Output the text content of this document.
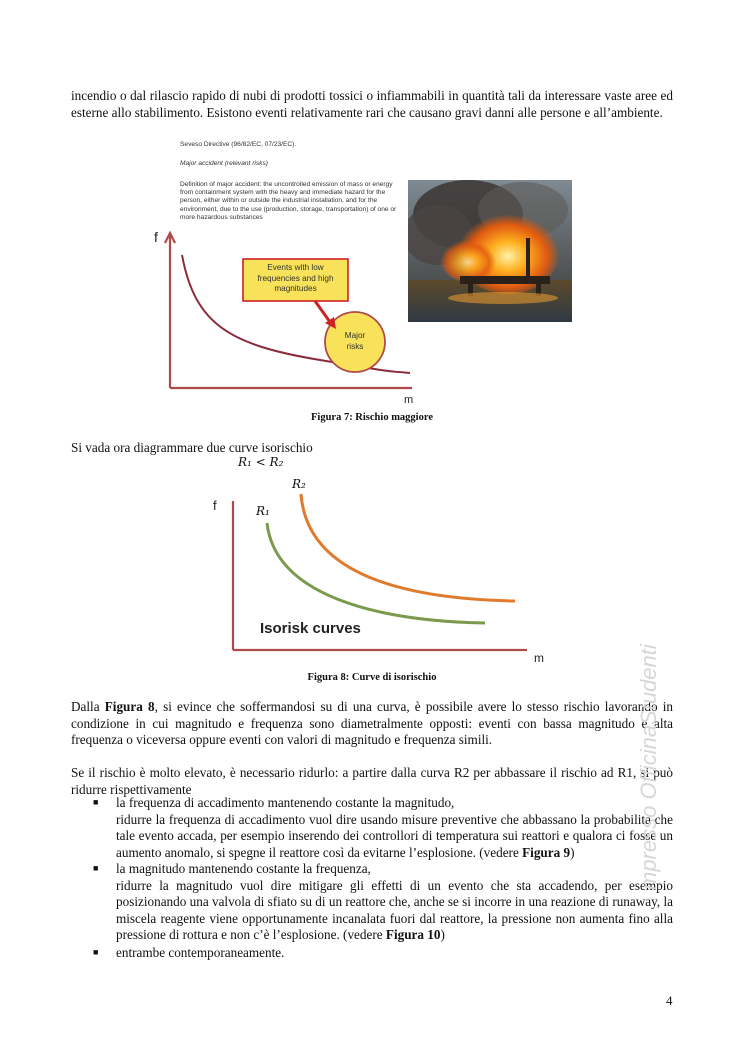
incendio o dal rilascio rapido di nubi di prodotti tossici o infiammabili in quantità tali da interessare vaste aree ed esterne allo stabilimento. Esistono eventi relativamente rari che causano gravi danni alle persone e all’ambiente.

Seveso Directive (96/82/EC, 07/23/EC).
Major accident (relevant risks)
Definition of major accident: the uncontrolled emission of mass or energy from containment system with the heavy and immediate hazard for the person, either within or outside the industrial installation, and for the environment, due to the use (production, storage, transportation) of one or more hazardous substances
f
m
Events with low
frequencies and high
magnitudes
Major
risks
Figura 7: Rischio maggiore

Si vada ora diagrammare due curve isorischio

R₁ < R₂
f
m
R₁
R₂
Isorisk curves
Figura 8: Curve di isorischio

Dalla Figura 8, si evince che soffermandosi su di una curva, è possibile avere lo stesso rischio lavorando in condizione in cui magnitudo e frequenza sono diametralmente opposti: eventi con bassa magnitudo e alta frequenza o viceversa oppure eventi con valori di magnitudo e frequenza simili.

Se il rischio è molto elevato, è necessario ridurlo: a partire dalla curva R2 per abbassare il rischio ad R1, si può ridurre rispettivamente

■ la frequenza di accadimento mantenendo costante la magnitudo,
ridurre la frequenza di accadimento vuol dire usando misure preventive che abbassano la probabilità che tale evento accada, per esempio inserendo dei controllori di temperatura sui reattori e qualora ci fosse un aumento anomalo, si spegne il reattore così da evitarne l’esplosione. (vedere Figura 9)

■ la magnitudo mantenendo costante la frequenza,
ridurre la magnitudo vuol dire mitigare gli effetti di un evento che sta accadendo, per esempio posizionando una valvola di sfiato su di un reattore che, anche se si incorre in una reazione di runaway, la miscela reagente viene opportunamente incanalata fuori dal reattore, la pressione non aumenta fino alla pressione di rottura e non c’è l’esplosione. (vedere Figura 10)

■ entrambe contemporaneamente.

mpresso OfficinaStudenti
4
